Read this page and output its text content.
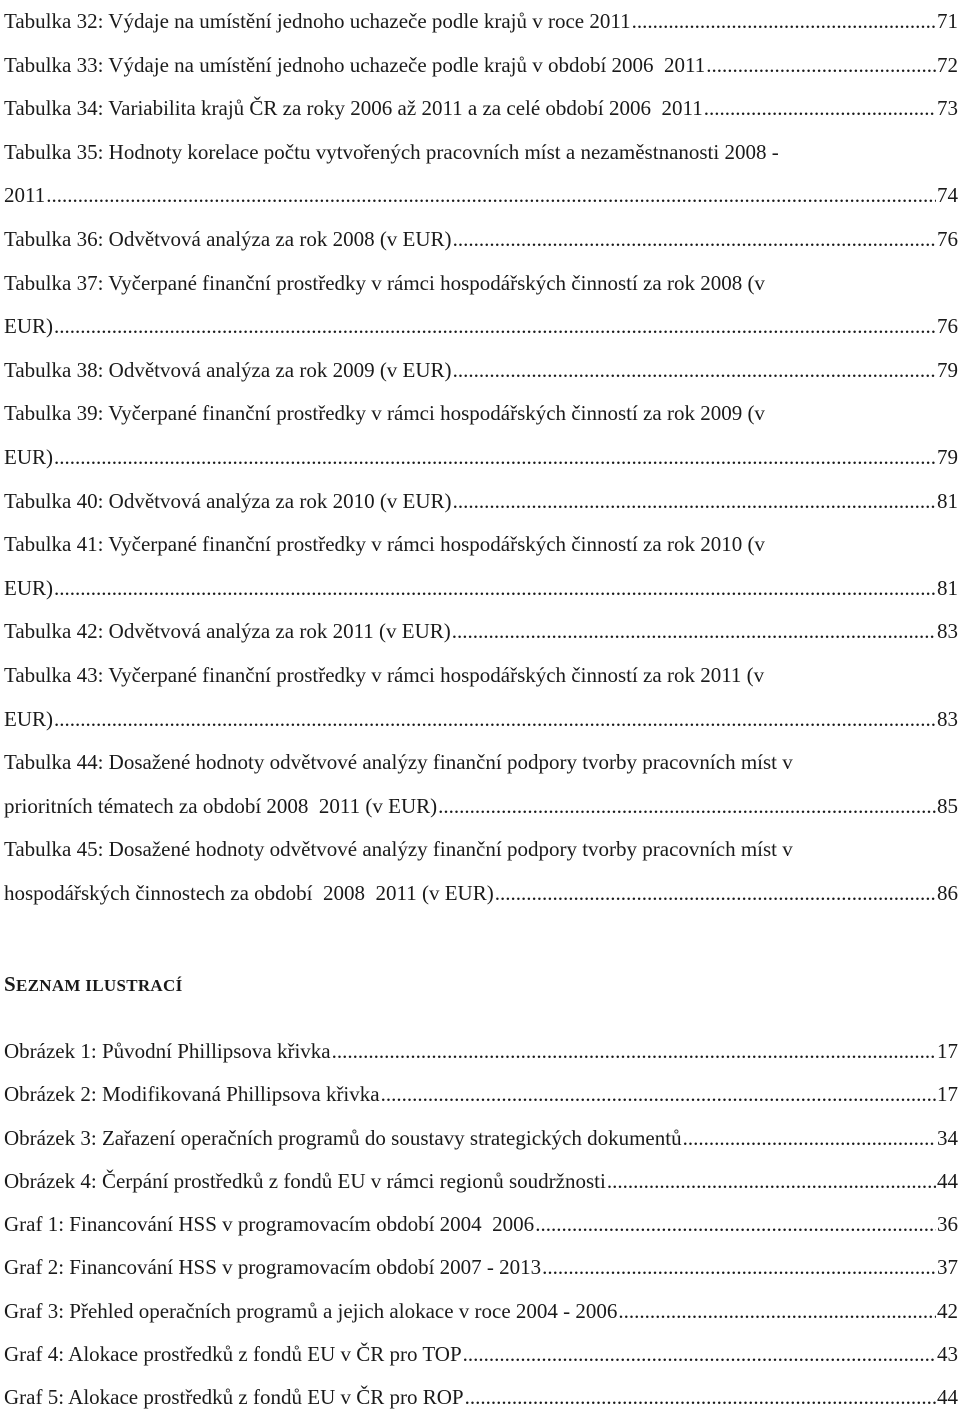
Tabulka 32: Výdaje na umístění jednoho uchazeče podle krajů v roce 2011 .....	71
Tabulka 33: Výdaje na umístění jednoho uchazeče podle krajů v období 2006  2011 .....	72
Tabulka 34: Variabilita krajů ČR za roky 2006 až 2011 a za celé období 2006  2011 .....	73
Tabulka 35: Hodnoty korelace počtu vytvořených pracovních míst a nezaměstnanosti 2008 -
2011 .....	74
Tabulka 36: Odvětvová analýza za rok 2008 (v EUR) .....	76
Tabulka 37: Vyčerpané finanční prostředky v rámci hospodářských činností za rok 2008 (v
EUR) .....	76
Tabulka 38: Odvětvová analýza za rok 2009 (v EUR) .....	79
Tabulka 39: Vyčerpané finanční prostředky v rámci hospodářských činností za rok 2009 (v
EUR) .....	79
Tabulka 40: Odvětvová analýza za rok 2010 (v EUR) .....	81
Tabulka 41: Vyčerpané finanční prostředky v rámci hospodářských činností za rok 2010 (v
EUR) .....	81
Tabulka 42: Odvětvová analýza za rok 2011 (v EUR) .....	83
Tabulka 43: Vyčerpané finanční prostředky v rámci hospodářských činností za rok 2011 (v
EUR) .....	83
Tabulka 44: Dosažené hodnoty odvětvové analýzy finanční podpory tvorby pracovních míst v
prioritních tématech za období 2008  2011 (v EUR) .....	85
Tabulka 45: Dosažené hodnoty odvětvové analýzy finanční podpory tvorby pracovních míst v
hospodářských činnostech za období  2008  2011 (v EUR) .....	86
SEZNAM ILUSTRACÍ
Obrázek 1: Původní Phillipsova křivka .....	17
Obrázek 2: Modifikovaná Phillipsova křivka .....	17
Obrázek 3: Zařazení operačních programů do soustavy strategických dokumentů .....	34
Obrázek 4: Čerpání prostředků z fondů EU v rámci regionů soudržnosti .....	44
Graf 1: Financování HSS v programovacím období 2004  2006 .....	36
Graf 2: Financování HSS v programovacím období 2007 - 2013 .....	37
Graf 3: Přehled operačních programů a jejich alokace v roce 2004 - 2006 .....	42
Graf 4: Alokace prostředků z fondů EU v ČR pro TOP .....	43
Graf 5: Alokace prostředků z fondů EU v ČR pro ROP .....	44
